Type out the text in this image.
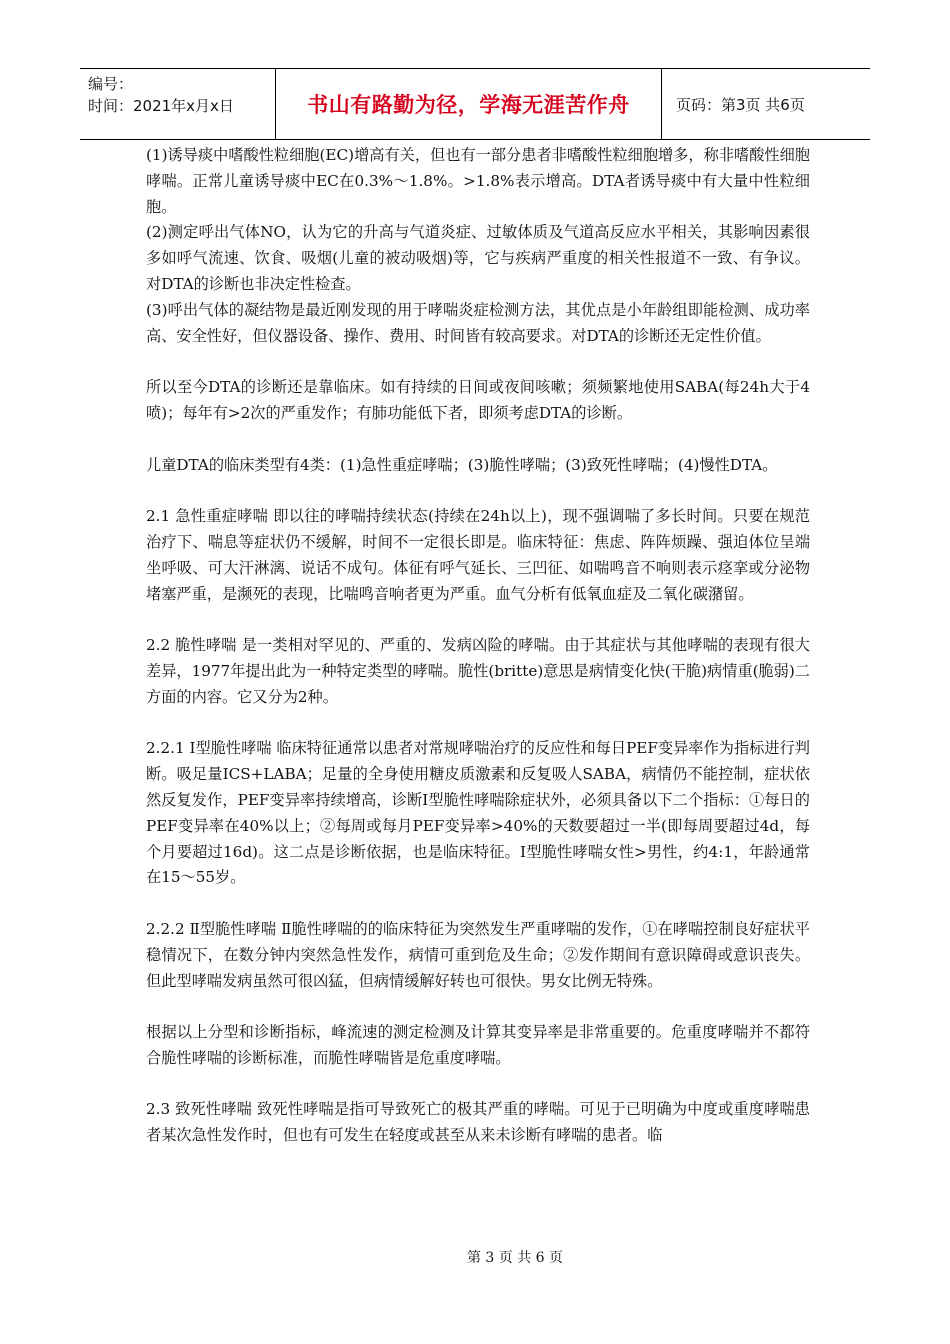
编号：
时间：2021年x月x日	书山有路勤为径，学海无涯苦作舟	页码：第3页 共6页

(1)诱导痰中嗜酸性粒细胞(EC)增高有关，但也有一部分患者非嗜酸性粒细胞增多，称非嗜酸性细胞哮喘。正常儿童诱导痰中EC在0.3%～1.8%。>1.8%表示增高。DTA者诱导痰中有大量中性粒细胞。

(2)测定呼出气体NO，认为它的升高与气道炎症、过敏体质及气道高反应水平相关，其影响因素很多如呼气流速、饮食、吸烟(儿童的被动吸烟)等，它与疾病严重度的相关性报道不一致、有争议。对DTA的诊断也非决定性检查。

(3)呼出气体的凝结物是最近刚发现的用于哮喘炎症检测方法，其优点是小年龄组即能检测、成功率高、安全性好，但仪器设备、操作、费用、时间皆有较高要求。对DTA的诊断还无定性价值。

所以至今DTA的诊断还是靠临床。如有持续的日间或夜间咳嗽；须频繁地使用SABA(每24h大于4喷)；每年有>2次的严重发作；有肺功能低下者，即须考虑DTA的诊断。

儿童DTA的临床类型有4类：(1)急性重症哮喘；(3)脆性哮喘；(3)致死性哮喘；(4)慢性DTA。

2.1 急性重症哮喘 即以往的哮喘持续状态(持续在24h以上)，现不强调喘了多长时间。只要在规范治疗下、喘息等症状仍不缓解，时间不一定很长即是。临床特征：焦虑、阵阵烦躁、强迫体位呈端坐呼吸、可大汗淋漓、说话不成句。体征有呼气延长、三凹征、如喘鸣音不响则表示痉挛或分泌物堵塞严重，是濒死的表现，比喘鸣音响者更为严重。血气分析有低氧血症及二氧化碳潴留。

2.2 脆性哮喘 是一类相对罕见的、严重的、发病凶险的哮喘。由于其症状与其他哮喘的表现有很大差异，1977年提出此为一种特定类型的哮喘。脆性(britte)意思是病情变化快(干脆)病情重(脆弱)二方面的内容。它又分为2种。

2.2.1 Ⅰ型脆性哮喘 临床特征通常以患者对常规哮喘治疗的反应性和每日PEF变异率作为指标进行判断。吸足量ICS+LABA；足量的全身使用糖皮质激素和反复吸人SABA，病情仍不能控制，症状依然反复发作，PEF变异率持续增高，诊断Ⅰ型脆性哮喘除症状外，必须具备以下二个指标：①每日的PEF变异率在40%以上；②每周或每月PEF变异率>40%的天数要超过一半(即每周要超过4d，每个月要超过16d)。这二点是诊断依据，也是临床特征。Ⅰ型脆性哮喘女性>男性，约4:1，年龄通常在15～55岁。

2.2.2 Ⅱ型脆性哮喘 Ⅱ脆性哮喘的的临床特征为突然发生严重哮喘的发作，①在哮喘控制良好症状平稳情况下，在数分钟内突然急性发作，病情可重到危及生命；②发作期间有意识障碍或意识丧失。但此型哮喘发病虽然可很凶猛，但病情缓解好转也可很快。男女比例无特殊。

根据以上分型和诊断指标，峰流速的测定检测及计算其变异率是非常重要的。危重度哮喘并不都符合脆性哮喘的诊断标准，而脆性哮喘皆是危重度哮喘。

2.3 致死性哮喘 致死性哮喘是指可导致死亡的极其严重的哮喘。可见于已明确为中度或重度哮喘患者某次急性发作时，但也有可发生在轻度或甚至从来未诊断有哮喘的患者。临

第 3 页 共 6 页
